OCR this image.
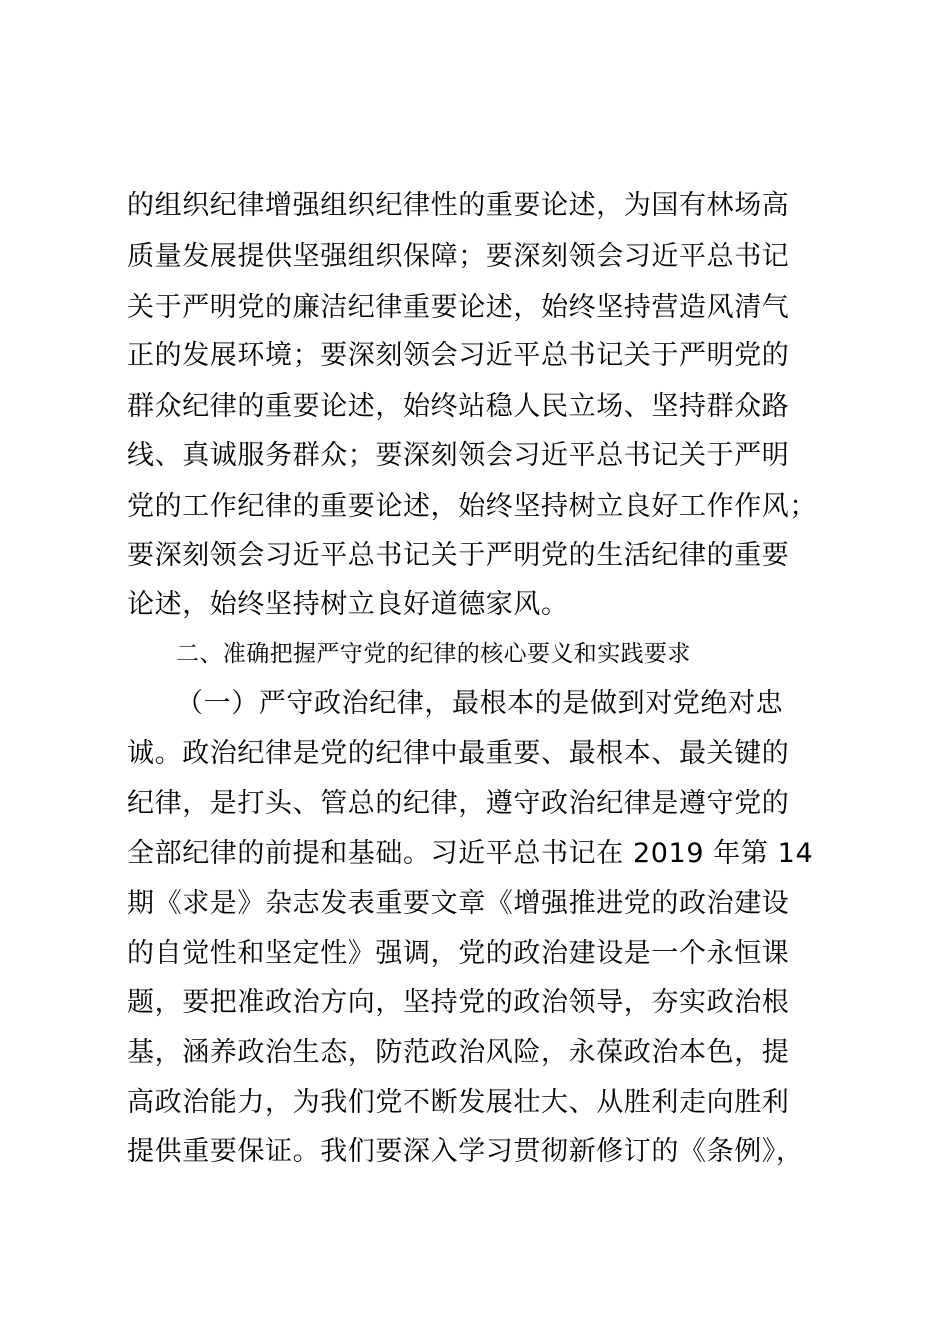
的组织纪律增强组织纪律性的重要论述，为国有林场高
质量发展提供坚强组织保障；要深刻领会习近平总书记
关于严明党的廉洁纪律重要论述，始终坚持营造风清气
正的发展环境；要深刻领会习近平总书记关于严明党的
群众纪律的重要论述，始终站稳人民立场、坚持群众路
线、真诚服务群众；要深刻领会习近平总书记关于严明
党的工作纪律的重要论述，始终坚持树立良好工作作风；
要深刻领会习近平总书记关于严明党的生活纪律的重要
论述，始终坚持树立良好道德家风。
二、准确把握严守党的纪律的核心要义和实践要求
（一）严守政治纪律，最根本的是做到对党绝对忠
诚。政治纪律是党的纪律中最重要、最根本、最关键的
纪律，是打头、管总的纪律，遵守政治纪律是遵守党的
全部纪律的前提和基础。习近平总书记在 2019 年第 14
期《求是》杂志发表重要文章《增强推进党的政治建设
的自觉性和坚定性》强调，党的政治建设是一个永恒课
题，要把准政治方向，坚持党的政治领导，夯实政治根
基，涵养政治生态，防范政治风险，永葆政治本色，提
高政治能力，为我们党不断发展壮大、从胜利走向胜利
提供重要保证。我们要深入学习贯彻新修订的《条例》，
